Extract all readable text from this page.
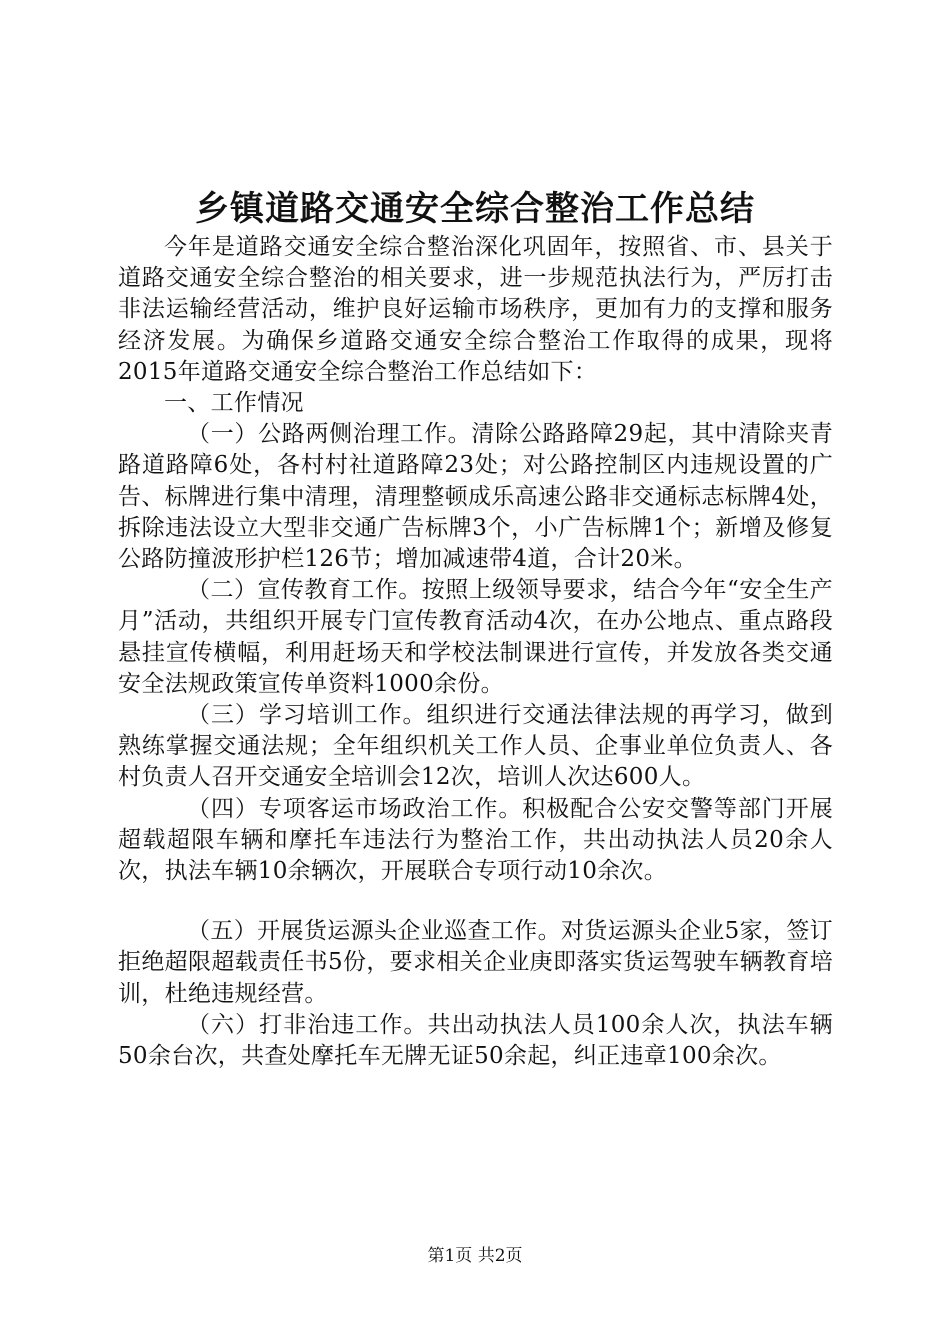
乡镇道路交通安全综合整治工作总结

今年是道路交通安全综合整治深化巩固年，按照省、市、县关于道路交通安全综合整治的相关要求，进一步规范执法行为，严厉打击非法运输经营活动，维护良好运输市场秩序，更加有力的支撑和服务经济发展。为确保乡道路交通安全综合整治工作取得的成果，现将2015年道路交通安全综合整治工作总结如下：

一、工作情况

（一）公路两侧治理工作。清除公路路障29起，其中清除夹青路道路障6处，各村村社道路障23处；对公路控制区内违规设置的广告、标牌进行集中清理，清理整顿成乐高速公路非交通标志标牌4处，拆除违法设立大型非交通广告标牌3个，小广告标牌1个；新增及修复公路防撞波形护栏126节；增加减速带4道，合计20米。

（二）宣传教育工作。按照上级领导要求，结合今年“安全生产月”活动，共组织开展专门宣传教育活动4次，在办公地点、重点路段悬挂宣传横幅，利用赶场天和学校法制课进行宣传，并发放各类交通安全法规政策宣传单资料1000余份。

（三）学习培训工作。组织进行交通法律法规的再学习，做到熟练掌握交通法规；全年组织机关工作人员、企事业单位负责人、各村负责人召开交通安全培训会12次，培训人次达600人。

（四）专项客运市场政治工作。积极配合公安交警等部门开展超载超限车辆和摩托车违法行为整治工作，共出动执法人员20余人次，执法车辆10余辆次，开展联合专项行动10余次。

（五）开展货运源头企业巡查工作。对货运源头企业5家，签订拒绝超限超载责任书5份，要求相关企业庚即落实货运驾驶车辆教育培训，杜绝违规经营。

（六）打非治违工作。共出动执法人员100余人次，执法车辆50余台次，共查处摩托车无牌无证50余起，纠正违章100余次。

第1页 共2页
